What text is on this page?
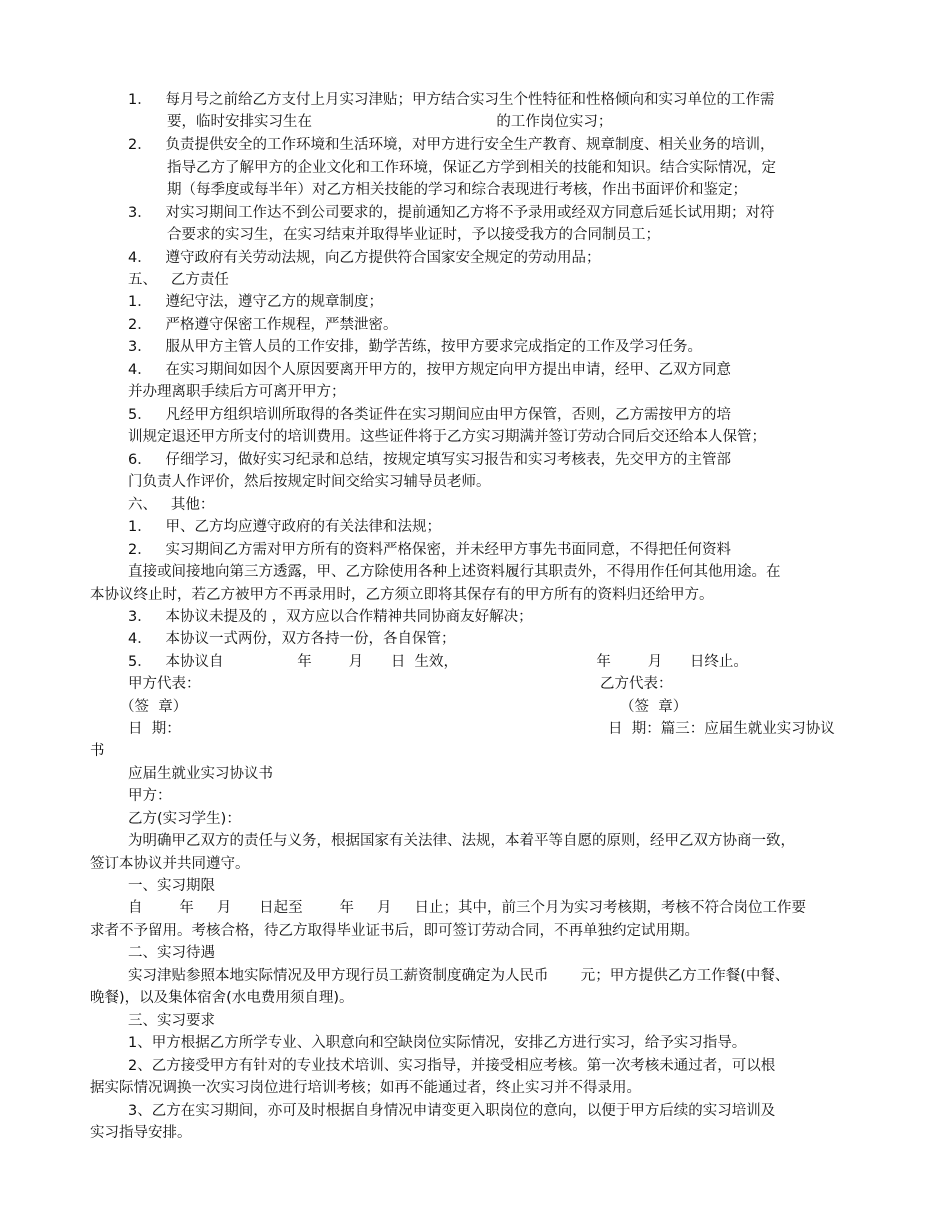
1．   每月号之前给乙方支付上月实习津贴；甲方结合实习生个性特征和性格倾向和实习单位的工作需
要，临时安排实习生在                                        的工作岗位实习；
2．   负责提供安全的工作环境和生活环境，对甲方进行安全生产教育、规章制度、相关业务的培训，
指导乙方了解甲方的企业文化和工作环境，保证乙方学到相关的技能和知识。结合实际情况，定
期（每季度或每半年）对乙方相关技能的学习和综合表现进行考核，作出书面评价和鉴定；
3．   对实习期间工作达不到公司要求的，提前通知乙方将不予录用或经双方同意后延长试用期；对符
合要求的实习生，在实习结束并取得毕业证时，予以接受我方的合同制员工；
4．   遵守政府有关劳动法规，向乙方提供符合国家安全规定的劳动用品；
五、   乙方责任
1．   遵纪守法，遵守乙方的规章制度；
2．   严格遵守保密工作规程，严禁泄密。
3．   服从甲方主管人员的工作安排，勤学苦练，按甲方要求完成指定的工作及学习任务。
4．   在实习期间如因个人原因要离开甲方的，按甲方规定向甲方提出申请，经甲、乙双方同意
并办理离职手续后方可离开甲方；
5．   凡经甲方组织培训所取得的各类证件在实习期间应由甲方保管，否则，乙方需按甲方的培
训规定退还甲方所支付的培训费用。这些证件将于乙方实习期满并签订劳动合同后交还给本人保管；
6．   仔细学习，做好实习纪录和总结，按规定填写实习报告和实习考核表，先交甲方的主管部
门负责人作评价，然后按规定时间交给实习辅导员老师。
六、   其他：
1．   甲、乙方均应遵守政府的有关法律和法规；
2．   实习期间乙方需对甲方所有的资料严格保密，并未经甲方事先书面同意，不得把任何资料
直接或间接地向第三方透露，甲、乙方除使用各种上述资料履行其职责外，不得用作任何其他用途。在
本协议终止时，若乙方被甲方不再录用时，乙方须立即将其保存有的甲方所有的资料归还给甲方。
3．   本协议未提及的 ，双方应以合作精神共同协商友好解决；
4．   本协议一式两份，双方各持一份，各自保管；
5．   本协议自                年        月      日  生效，                              年        月      日终止。
甲方代表：	乙方代表：
（签  章）	（签  章）
日  期：	日  期：篇三：应届生就业实习协议
书
应届生就业实习协议书
甲方：
乙方(实习学生)：
为明确甲乙双方的责任与义务，根据国家有关法律、法规，本着平等自愿的原则，经甲乙双方协商一致，
签订本协议并共同遵守。
一、实习期限
自        年     月      日起至        年     月     日止；其中，前三个月为实习考核期，考核不符合岗位工作要
求者不予留用。考核合格，待乙方取得毕业证书后，即可签订劳动合同，不再单独约定试用期。
二、实习待遇
实习津贴参照本地实际情况及甲方现行员工薪资制度确定为人民币       元；甲方提供乙方工作餐(中餐、
晚餐)，以及集体宿舍(水电费用须自理)。
三、实习要求
1、甲方根据乙方所学专业、入职意向和空缺岗位实际情况，安排乙方进行实习，给予实习指导。
2、乙方接受甲方有针对的专业技术培训、实习指导，并接受相应考核。第一次考核未通过者，可以根
据实际情况调换一次实习岗位进行培训考核；如再不能通过者，终止实习并不得录用。
3、乙方在实习期间，亦可及时根据自身情况申请变更入职岗位的意向，以便于甲方后续的实习培训及
实习指导安排。
